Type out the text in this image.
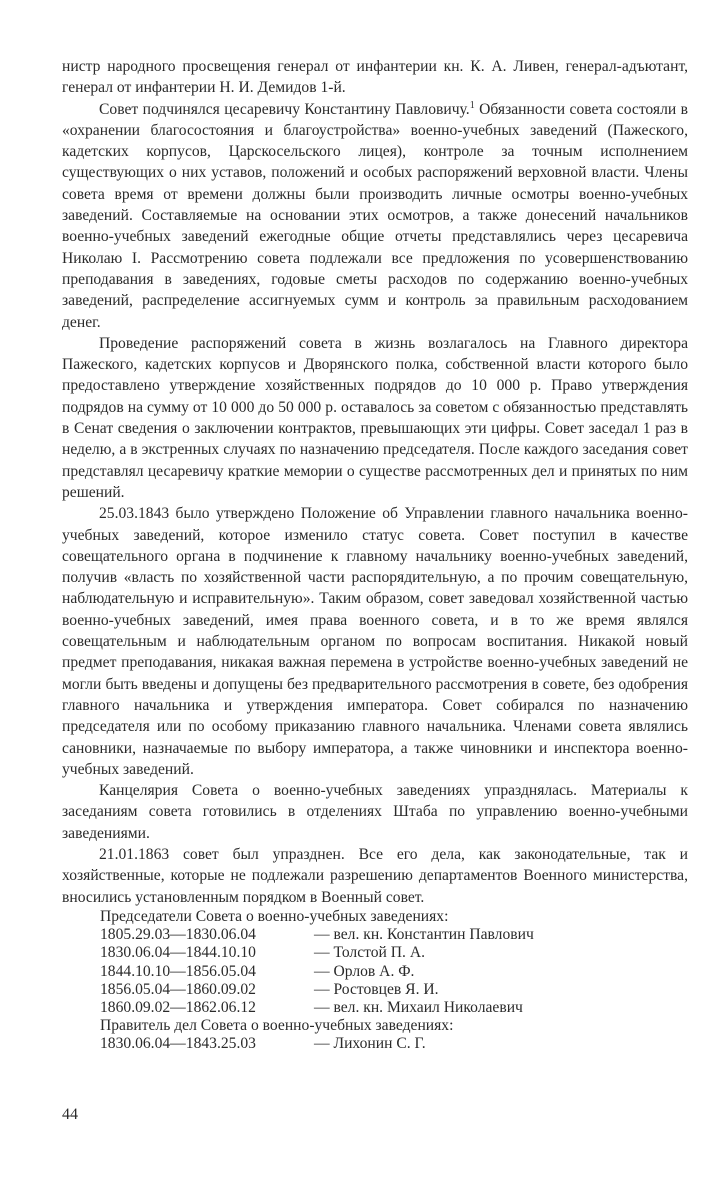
нистр народного просвещения генерал от инфантерии кн. К. А. Ливен, генерал-адъютант, генерал от инфантерии Н. И. Демидов 1-й.

Совет подчинялся цесаревичу Константину Павловичу.$^1$ Обязанности совета состояли в «охранении благосостояния и благоустройства» военно-учебных заведений (Пажеского, кадетских корпусов, Царскосельского лицея), контроле за точным исполнением существующих о них уставов, положений и особых распоряжений верховной власти. Члены совета время от времени должны были производить личные осмотры военно-учебных заведений. Составляемые на основании этих осмотров, а также донесений начальников военно-учебных заведений ежегодные общие отчеты представлялись через цесаревича Николаю I. Рассмотрению совета подлежали все предложения по усовершенствованию преподавания в заведениях, годовые сметы расходов по содержанию военно-учебных заведений, распределение ассигнуемых сумм и контроль за правильным расходованием денег.

Проведение распоряжений совета в жизнь возлагалось на Главного директора Пажеского, кадетских корпусов и Дворянского полка, собственной власти которого было предоставлено утверждение хозяйственных подрядов до 10 000 р. Право утверждения подрядов на сумму от 10 000 до 50 000 р. оставалось за советом с обязанностью представлять в Сенат сведения о заключении контрактов, превышающих эти цифры. Совет заседал 1 раз в неделю, а в экстренных случаях по назначению председателя. После каждого заседания совет представлял цесаревичу краткие мемории о существе рассмотренных дел и принятых по ним решений.

25.03.1843 было утверждено Положение об Управлении главного начальника военно-учебных заведений, которое изменило статус совета. Совет поступил в качестве совещательного органа в подчинение к главному начальнику военно-учебных заведений, получив «власть по хозяйственной части распорядительную, а по прочим совещательную, наблюдательную и исправительную». Таким образом, совет заведовал хозяйственной частью военно-учебных заведений, имея права военного совета, и в то же время являлся совещательным и наблюдательным органом по вопросам воспитания. Никакой новый предмет преподавания, никакая важная перемена в устройстве военно-учебных заведений не могли быть введены и допущены без предварительного рассмотрения в совете, без одобрения главного начальника и утверждения императора. Совет собирался по назначению председателя или по особому приказанию главного начальника. Членами совета являлись сановники, назначаемые по выбору императора, а также чиновники и инспектора военно-учебных заведений.

Канцелярия Совета о военно-учебных заведениях упразднялась. Материалы к заседаниям совета готовились в отделениях Штаба по управлению военно-учебными заведениями.

21.01.1863 совет был упразднен. Все его дела, как законодательные, так и хозяйственные, которые не подлежали разрешению департаментов Военного министерства, вносились установленным порядком в Военный совет.

Председатели Совета о военно-учебных заведениях:
1805.29.03—1830.06.04	— вел. кн. Константин Павлович
1830.06.04—1844.10.10	— Толстой П. А.
1844.10.10—1856.05.04	— Орлов А. Ф.
1856.05.04—1860.09.02	— Ростовцев Я. И.
1860.09.02—1862.06.12	— вел. кн. Михаил Николаевич
Правитель дел Совета о военно-учебных заведениях:
1830.06.04—1843.25.03	— Лихонин С. Г.
44
